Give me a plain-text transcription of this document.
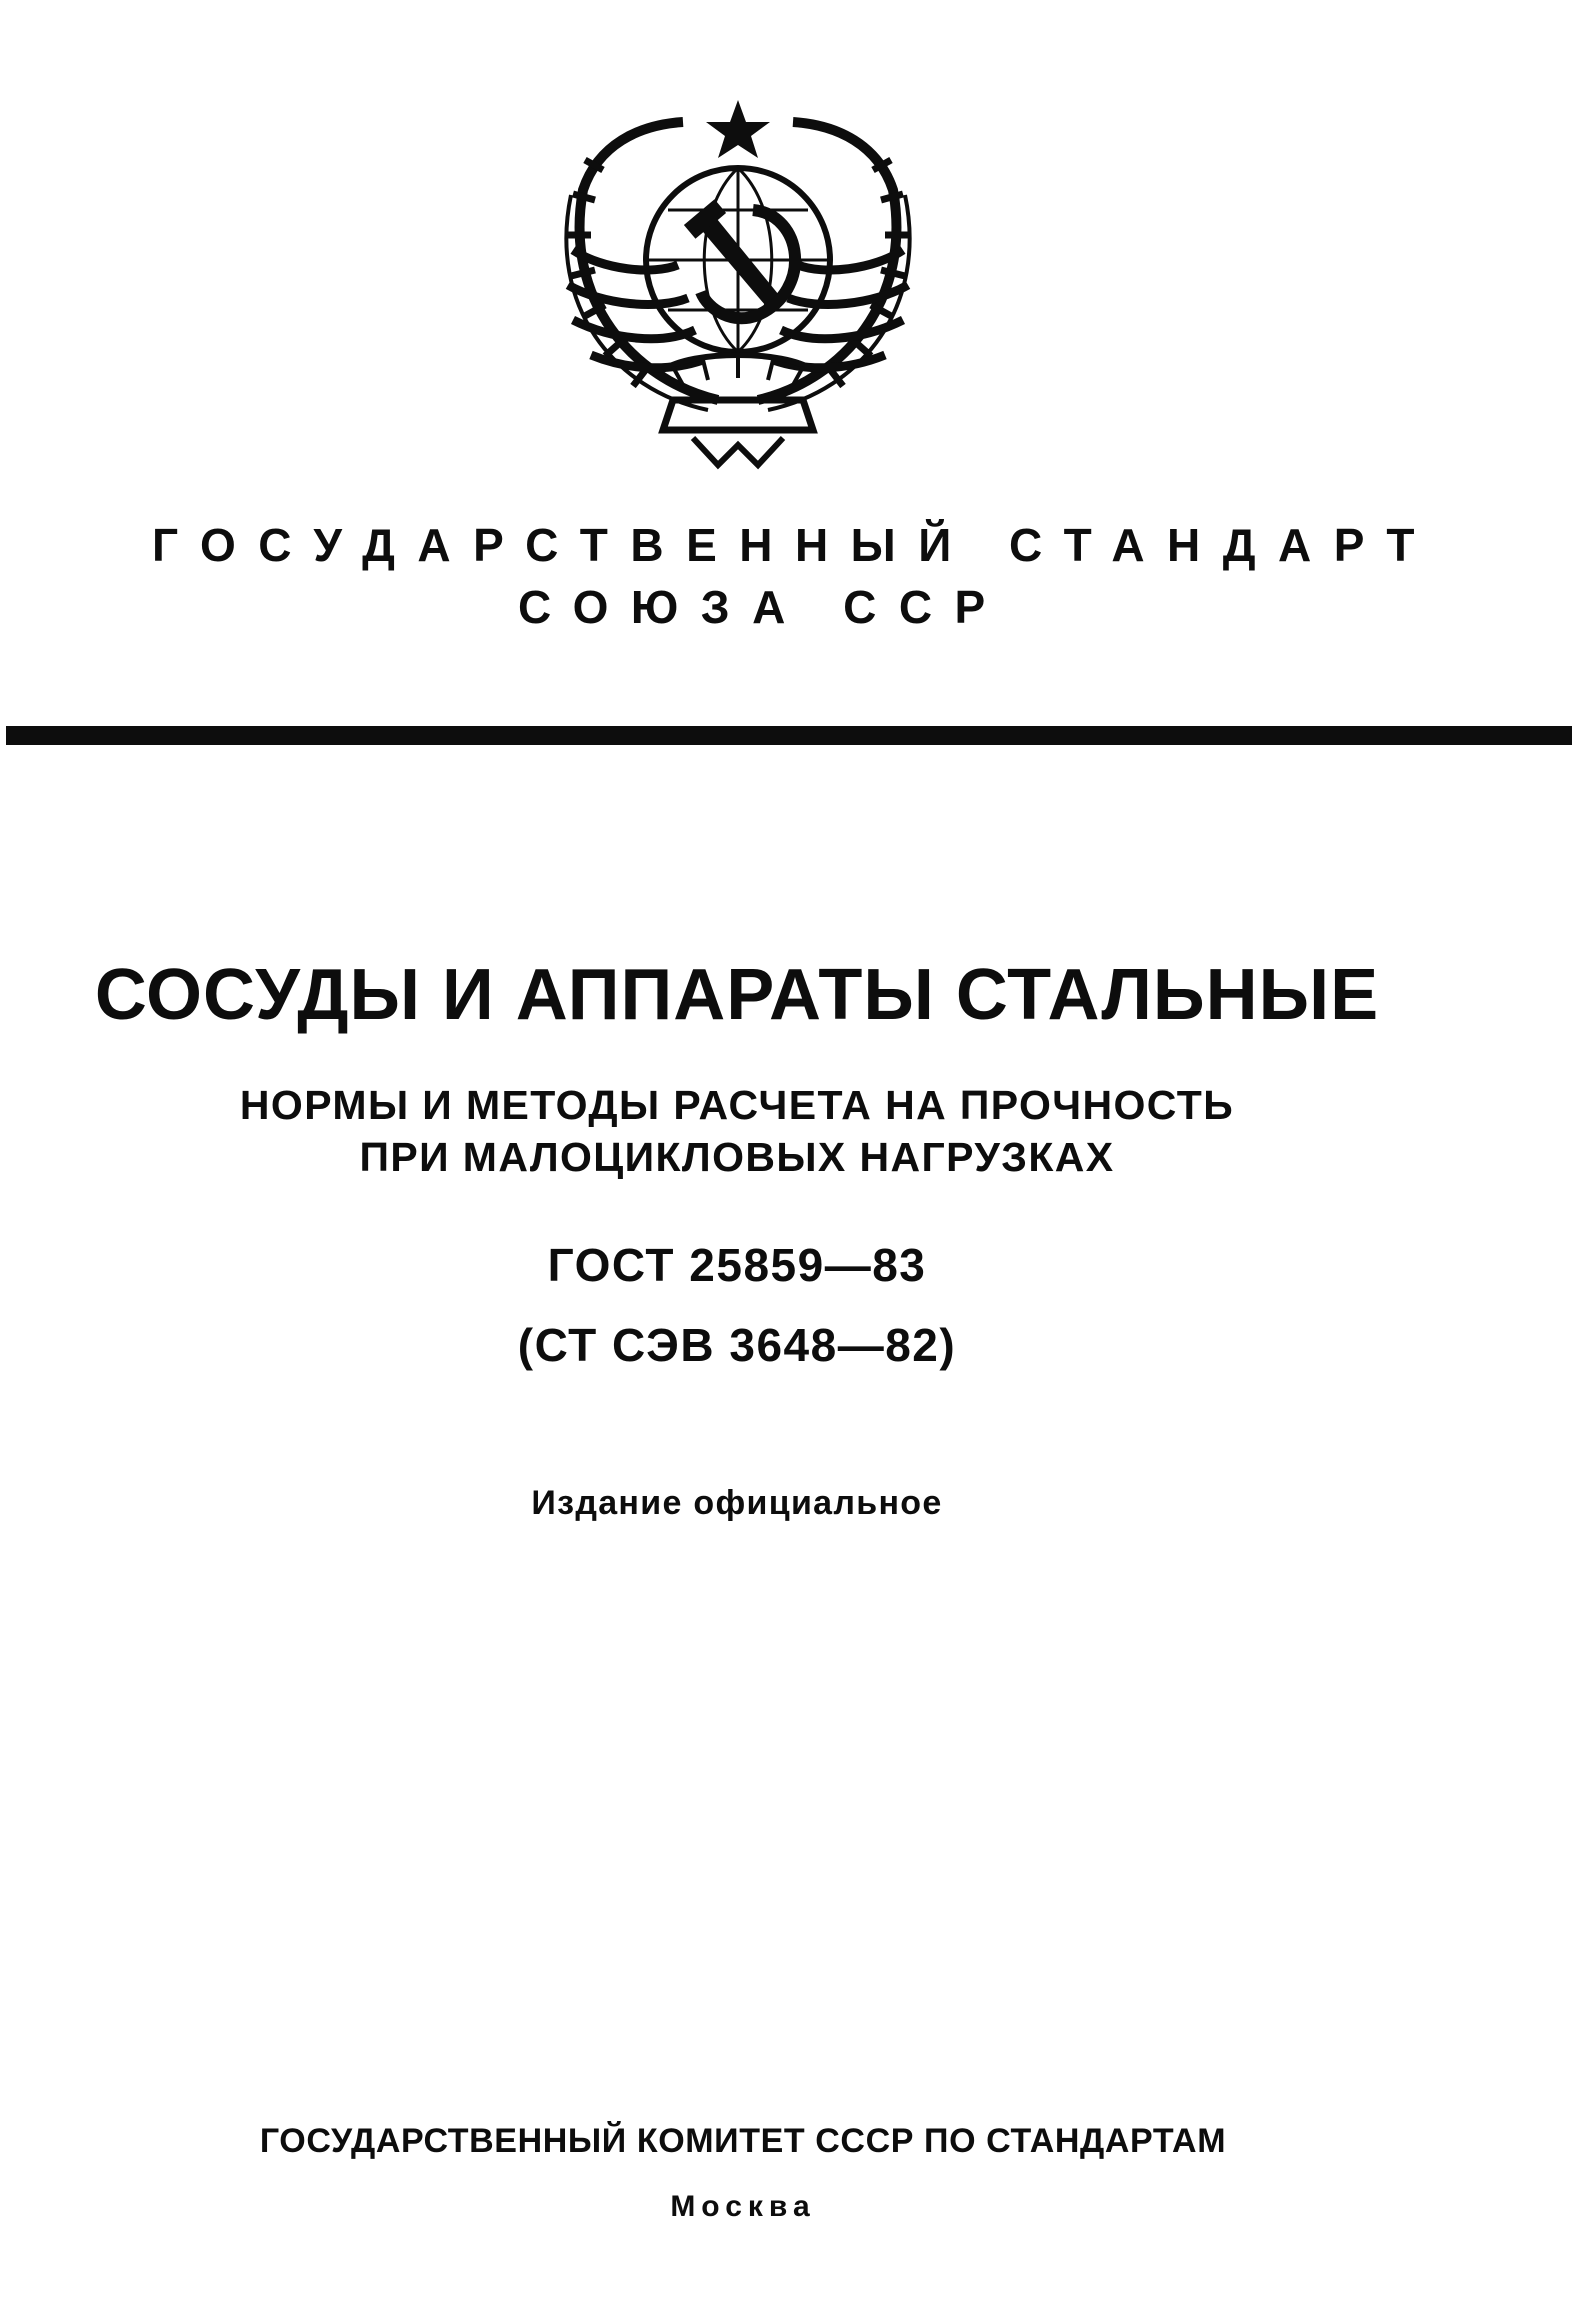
ГОСУДАРСТВЕННЫЙ СТАНДАРТ
СОЮЗА ССР
СОСУДЫ И АППАРАТЫ СТАЛЬНЫЕ
НОРМЫ И МЕТОДЫ РАСЧЕТА НА ПРОЧНОСТЬ
ПРИ МАЛОЦИКЛОВЫХ НАГРУЗКАХ
ГОСТ 25859—83
(СТ СЭВ 3648—82)
Издание официальное
ГОСУДАРСТВЕННЫЙ КОМИТЕТ СССР ПО СТАНДАРТАМ
Москва
